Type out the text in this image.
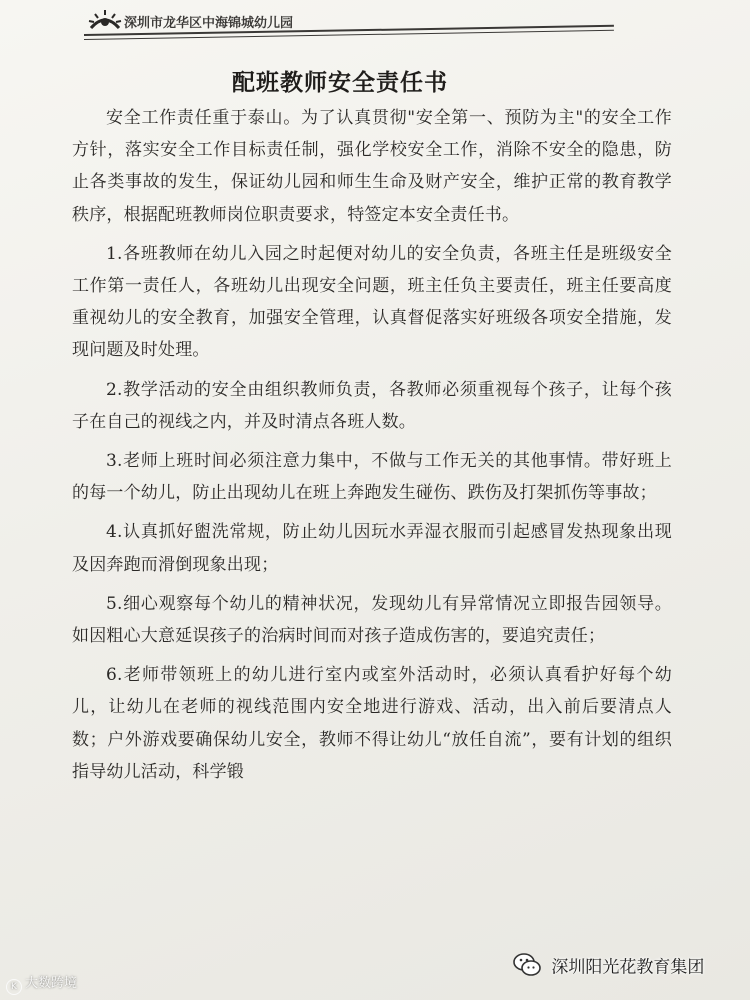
深圳市龙华区中海锦城幼儿园
配班教师安全责任书

安全工作责任重于泰山。为了认真贯彻"安全第一、预防为主"的安全工作方针，落实安全工作目标责任制，强化学校安全工作，消除不安全的隐患，防止各类事故的发生，保证幼儿园和师生生命及财产安全，维护正常的教育教学秩序，根据配班教师岗位职责要求，特签定本安全责任书。

1.各班教师在幼儿入园之时起便对幼儿的安全负责，各班主任是班级安全工作第一责任人，各班幼儿出现安全问题，班主任负主要责任，班主任要高度重视幼儿的安全教育，加强安全管理，认真督促落实好班级各项安全措施，发现问题及时处理。

2.教学活动的安全由组织教师负责，各教师必须重视每个孩子，让每个孩子在自己的视线之内，并及时清点各班人数。

3.老师上班时间必须注意力集中，不做与工作无关的其他事情。带好班上的每一个幼儿，防止出现幼儿在班上奔跑发生碰伤、跌伤及打架抓伤等事故；

4.认真抓好盥洗常规，防止幼儿因玩水弄湿衣服而引起感冒发热现象出现及因奔跑而滑倒现象出现；

5.细心观察每个幼儿的精神状况，发现幼儿有异常情况立即报告园领导。如因粗心大意延误孩子的治病时间而对孩子造成伤害的，要追究责任；

6.老师带领班上的幼儿进行室内或室外活动时，必须认真看护好每个幼儿，让幼儿在老师的视线范围内安全地进行游戏、活动，出入前后要清点人数；户外游戏要确保幼儿安全，教师不得让幼儿“放任自流”，要有计划的组织指导幼儿活动，科学锻

K 大数跨境
深圳阳光花教育集团
